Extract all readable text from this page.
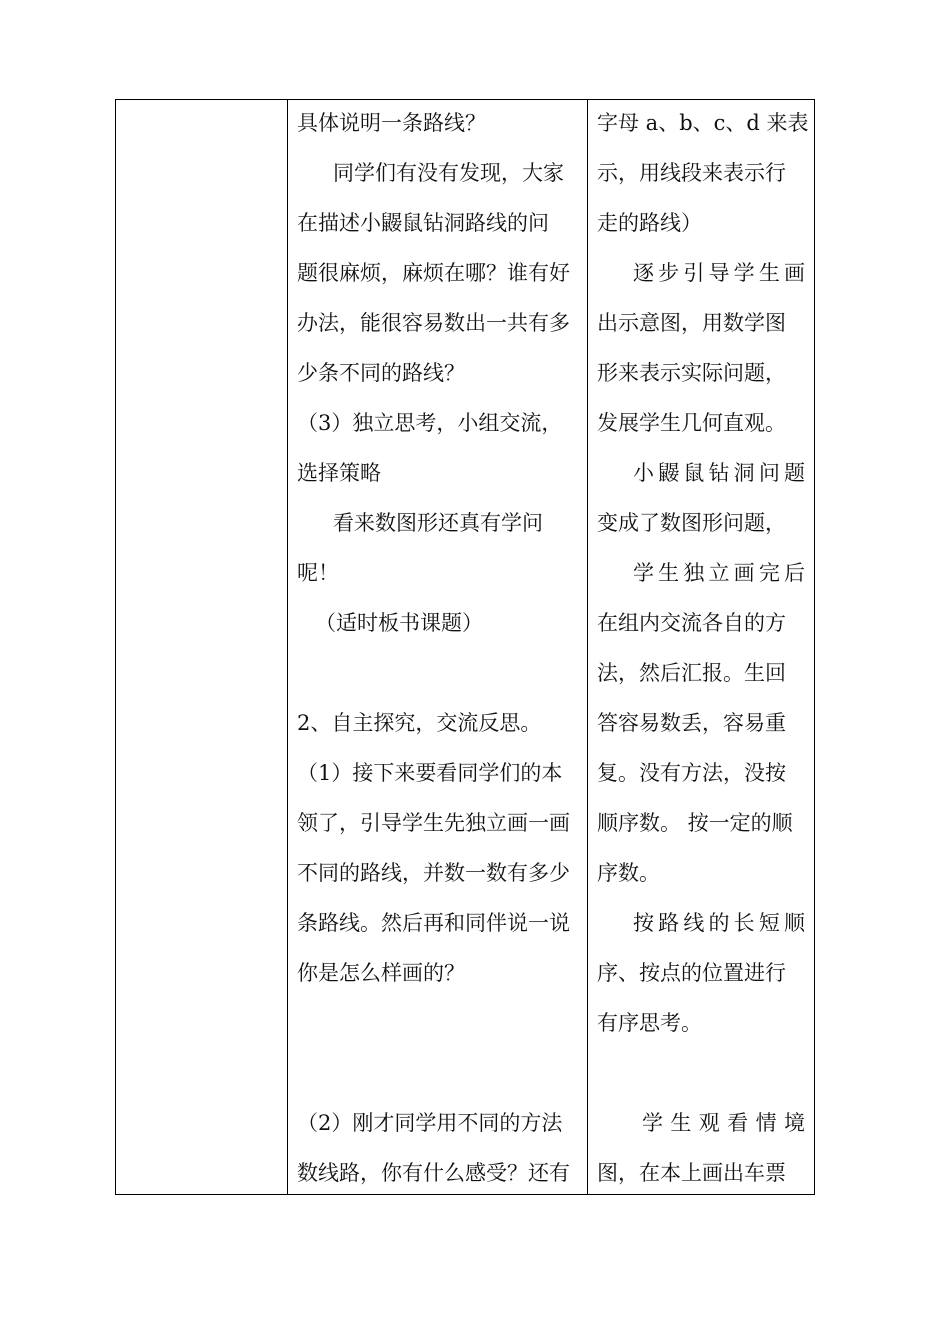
具体说明一条路线？
同学们有没有发现，大家
在描述小鼹鼠钻洞路线的问
题很麻烦，麻烦在哪？谁有好
办法，能很容易数出一共有多
少条不同的路线？
（3）独立思考，小组交流，
选择策略
看来数图形还真有学问
呢！
（适时板书课题）
2、自主探究，交流反思。
（1）接下来要看同学们的本
领了，引导学生先独立画一画
不同的路线，并数一数有多少
条路线。然后再和同伴说一说
你是怎么样画的？
（2）刚才同学用不同的方法
数线路，你有什么感受？还有
字母 a、b、c、d 来表
示，用线段来表示行
走的路线）
逐步引导学生画
出示意图，用数学图
形来表示实际问题，
发展学生几何直观。
小鼹鼠钻洞问题
变成了数图形问题，
学生独立画完后
在组内交流各自的方
法，然后汇报。生回
答容易数丢，容易重
复。没有方法，没按
顺序数。 按一定的顺
序数。
按路线的长短顺
序、按点的位置进行
有序思考。
学生观看情境
图，在本上画出车票
